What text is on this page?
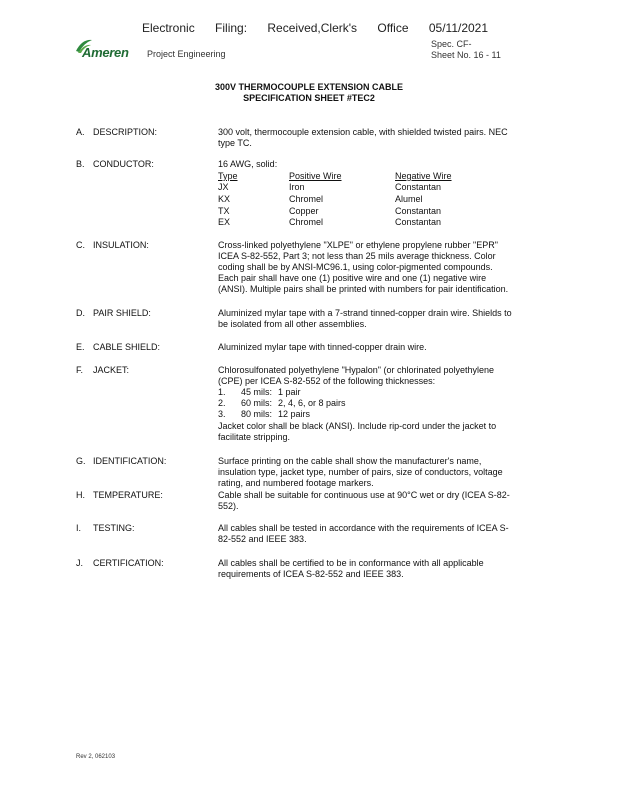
Electronic Filing: Received,Clerk's Office 05/11/2021
Ameren Project Engineering
Spec. CF-
Sheet No. 16 - 11
300V THERMOCOUPLE EXTENSION CABLE
SPECIFICATION SHEET #TEC2
A. DESCRIPTION:	300 volt, thermocouple extension cable, with shielded twisted pairs. NEC
type TC.
B. CONDUCTOR:	16 AWG, solid:
Type	Positive Wire	Negative Wire
JX	Iron	Constantan
KX	Chromel	Alumel
TX	Copper	Constantan
EX	Chromel	Constantan
C. INSULATION:	Cross-linked polyethylene "XLPE" or ethylene propylene rubber "EPR"
ICEA S-82-552, Part 3; not less than 25 mils average thickness. Color
coding shall be by ANSI-MC96.1, using color-pigmented compounds.
Each pair shall have one (1) positive wire and one (1) negative wire
(ANSI). Multiple pairs shall be printed with numbers for pair identification.
D. PAIR SHIELD:	Aluminized mylar tape with a 7-strand tinned-copper drain wire. Shields to
be isolated from all other assemblies.
E. CABLE SHIELD:	Aluminized mylar tape with tinned-copper drain wire.
F. JACKET:	Chlorosulfonated polyethylene "Hypalon" (or chlorinated polyethylene
(CPE) per ICEA S-82-552 of the following thicknesses:
1. 45 mils: 1 pair
2. 60 mils: 2, 4, 6, or 8 pairs
3. 80 mils: 12 pairs
Jacket color shall be black (ANSI). Include rip-cord under the jacket to
facilitate stripping.
G. IDENTIFICATION:	Surface printing on the cable shall show the manufacturer's name,
insulation type, jacket type, number of pairs, size of conductors, voltage
rating, and numbered footage markers.
H. TEMPERATURE:	Cable shall be suitable for continuous use at 90°C wet or dry (ICEA S-82-
552).
I. TESTING:	All cables shall be tested in accordance with the requirements of ICEA S-
82-552 and IEEE 383.
J. CERTIFICATION:	All cables shall be certified to be in conformance with all applicable
requirements of ICEA S-82-552 and IEEE 383.
Rev 2, 062103
